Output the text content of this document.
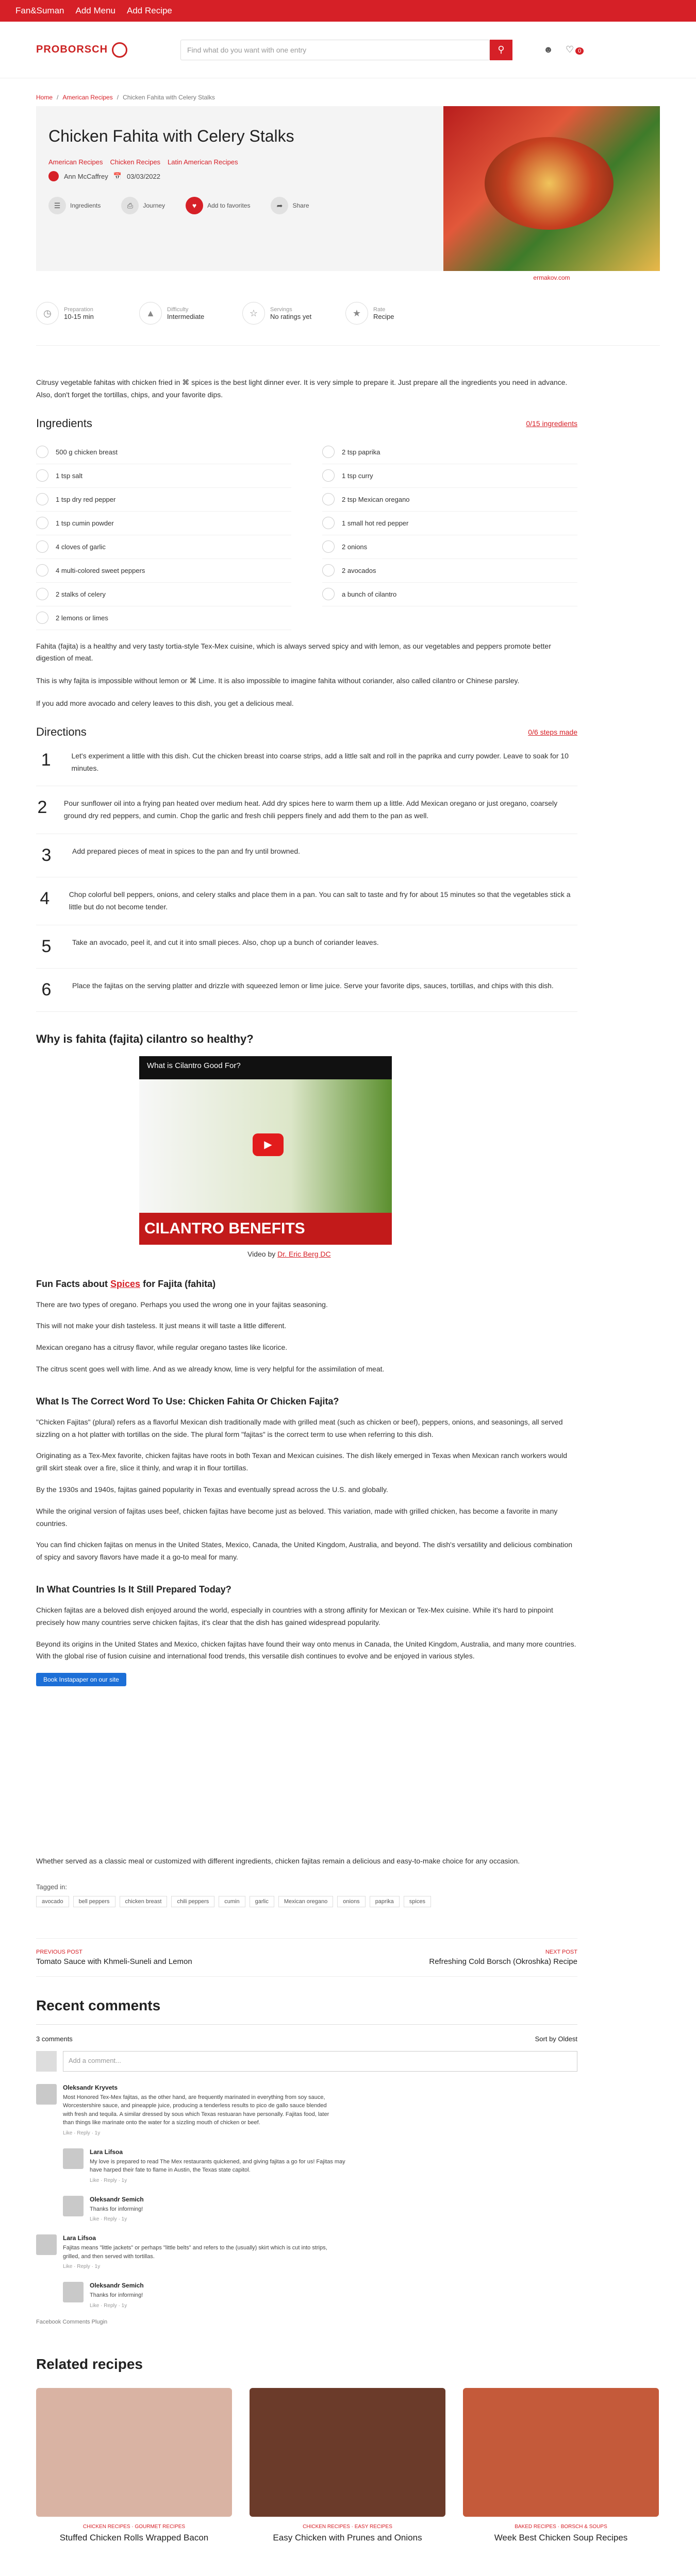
Fan&Suman Add Menu Add Recipe
PROBORSCH	Find what do you want with one entry	⚲	☻ ♡ 0
Home / American Recipes / Chicken Fahita with Celery Stalks
Chicken Fahita with Celery Stalks
American Recipes Chicken Recipes Latin American Recipes
Ann McCaffrey 📅 03/03/2022
☰	Ingredients	⎙	Journey	♥	Add to favorites	➦	Share
ermakov.com
◷	Preparation
10-15 min	▲	Difficulty
Intermediate	☆	Servings
No ratings yet	★	Rate
Recipe

Citrusy vegetable fahitas with chicken fried in ⌘ spices is the best light dinner ever. It is very simple to prepare it. Just prepare all the ingredients you need in advance. Also, don't forget the tortillas, chips, and your favorite dips.

Ingredients	0/15 ingredients
500 g chicken breast	2 tsp paprika
1 tsp salt	1 tsp curry
1 tsp dry red pepper	2 tsp Mexican oregano
1 tsp cumin powder	1 small hot red pepper
4 cloves of garlic	2 onions
4 multi-colored sweet peppers	2 avocados
2 stalks of celery	a bunch of cilantro
2 lemons or limes

Fahita (fajita) is a healthy and very tasty tortia-style Tex-Mex cuisine, which is always served spicy and with lemon, as our vegetables and peppers promote better digestion of meat.

This is why fajita is impossible without lemon or ⌘ Lime. It is also impossible to imagine fahita without coriander, also called cilantro or Chinese parsley.

If you add more avocado and celery leaves to this dish, you get a delicious meal.

Directions	0/6 steps made
1	Let's experiment a little with this dish. Cut the chicken breast into coarse strips, add a little salt and roll in the paprika and curry powder. Leave to soak for 10 minutes.
2 Pour sunflower oil into a frying pan heated over medium heat. Add dry spices here to warm them up a little. Add Mexican oregano or just oregano, coarsely ground dry red peppers, and cumin. Chop the garlic and fresh chili peppers finely and add them to the pan as well.
3	Add prepared pieces of meat in spices to the pan and fry until browned.
4	Chop colorful bell peppers, onions, and celery stalks and place them in a pan. You can salt to taste and fry for about 15 minutes so that the vegetables stick a little but do not become tender.
5	Take an avocado, peel it, and cut it into small pieces. Also, chop up a bunch of coriander leaves.
6	Place the fajitas on the serving platter and drizzle with squeezed lemon or lime juice. Serve your favorite dips, sauces, tortillas, and chips with this dish.
Why is fahita (fajita) cilantro so healthy?
What is Cilantro Good For?
▶
CILANTRO BENEFITS
Video by Dr. Eric Berg DC
Fun Facts about Spices for Fajita (fahita)

There are two types of oregano. Perhaps you used the wrong one in your fajitas seasoning.

This will not make your dish tasteless. It just means it will taste a little different.

Mexican oregano has a citrusy flavor, while regular oregano tastes like licorice.

The citrus scent goes well with lime. And as we already know, lime is very helpful for the assimilation of meat.

What Is The Correct Word To Use: Chicken Fahita Or Chicken Fajita?

"Chicken Fajitas" (plural) refers as a flavorful Mexican dish traditionally made with grilled meat (such as chicken or beef), peppers, onions, and seasonings, all served sizzling on a hot platter with tortillas on the side. The plural form "fajitas" is the correct term to use when referring to this dish.

Originating as a Tex-Mex favorite, chicken fajitas have roots in both Texan and Mexican cuisines. The dish likely emerged in Texas when Mexican ranch workers would grill skirt steak over a fire, slice it thinly, and wrap it in flour tortillas.

By the 1930s and 1940s, fajitas gained popularity in Texas and eventually spread across the U.S. and globally.

While the original version of fajitas uses beef, chicken fajitas have become just as beloved. This variation, made with grilled chicken, has become a favorite in many countries.

You can find chicken fajitas on menus in the United States, Mexico, Canada, the United Kingdom, Australia, and beyond. The dish's versatility and delicious combination of spicy and savory flavors have made it a go-to meal for many.

In What Countries Is It Still Prepared Today?

Chicken fajitas are a beloved dish enjoyed around the world, especially in countries with a strong affinity for Mexican or Tex-Mex cuisine. While it's hard to pinpoint precisely how many countries serve chicken fajitas, it's clear that the dish has gained widespread popularity.

Beyond its origins in the United States and Mexico, chicken fajitas have found their way onto menus in Canada, the United Kingdom, Australia, and many more countries. With the global rise of fusion cuisine and international food trends, this versatile dish continues to evolve and be enjoyed in various styles.

Book Instapaper on our site

Whether served as a classic meal or customized with different ingredients, chicken fajitas remain a delicious and easy-to-make choice for any occasion.

Tagged in:
avocado	bell peppers	chicken breast	chili peppers	cumin	garlic	Mexican oregano	onions	paprika	spices
PREVIOUS POST
Tomato Sauce with Khmeli-Suneli and Lemon
NEXT POST
Refreshing Cold Borsch (Okroshka) Recipe
Recent comments
3 comments	Sort by Oldest
Add a comment...
Oleksandr Kryvets
Most Honored Tex-Mex fajitas, as the other hand, are frequently marinated in everything from soy sauce, Worcestershire sauce, and pineapple juice, producing a tenderless results to pico de gallo sauce blended with fresh and tequila. A similar dressed by sous which Texas restuaran have personally. Fajitas food, later than things like marinate onto the water for a sizzling mouth of chicken or beef.
Like · Reply · 1y
Lara Lifsoa
My love is prepared to read The Mex restaurants quickened, and giving fajitas a go for us! Fajitas may have harped their fate to flame in Austin, the Texas state capitol.
Like · Reply · 1y
Oleksandr Semich
Thanks for informing!
Like · Reply · 1y
Lara Lifsoa
Fajitas means "little jackets" or perhaps "little belts" and refers to the (usually) skirt which is cut into strips, grilled, and then served with tortillas.
Like · Reply · 1y
Oleksandr Semich
Thanks for informing!
Like · Reply · 1y
Facebook Comments Plugin
Related recipes
CHICKEN RECIPES · GOURMET RECIPES
Stuffed Chicken Rolls Wrapped Bacon
CHICKEN RECIPES · EASY RECIPES
Easy Chicken with Prunes and Onions
BAKED RECIPES · BORSCH & SOUPS
Week Best Chicken Soup Recipes
